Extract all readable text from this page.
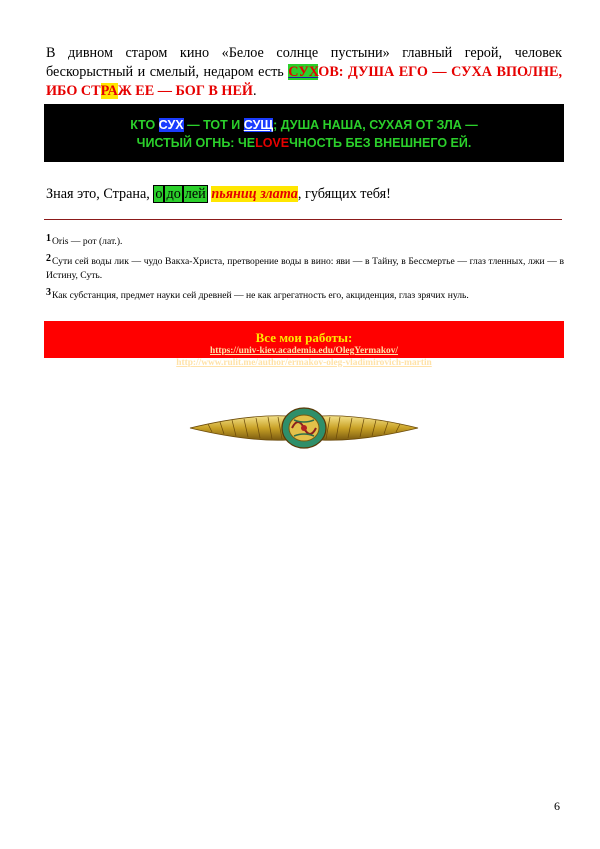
В дивном старом кино «Белое солнце пустыни» главный герой, человек бескорыстный и смелый, недаром есть СУХОВ: ДУША ЕГО — СУХА ВПОЛНЕ, ИБО СТРАЖ ЕЕ — БОГ В НЕЙ.
КТО СУХ — ТОТ И СУЩ; ДУША НАША, СУХАЯ ОТ ЗЛА —
ЧИСТЫЙ ОГНЬ: ЧЕLOVEЧНОСТЬ БЕЗ ВНЕШНЕГО ЕЙ.
Зная это, Страна, о до лей пьяниц злата, губящих тебя!
$^1$Oris — рот (лат.).
$^2$Сути сей воды лик — чудо Вакха-Христа, претворение воды в вино: яви — в Тайну, в Бессмертье — глаз тленных, лжи — в Истину, Суть.
$^3$Как субстанция, предмет науки сей древней — не как агрегатность его, акциденция, глаз зрячих нуль.
Все мои работы:
https://univ-kiev.academia.edu/OlegYermakov/
http://www.rulit.me/author/ermakov-oleg-vladimirovich-martin
6
